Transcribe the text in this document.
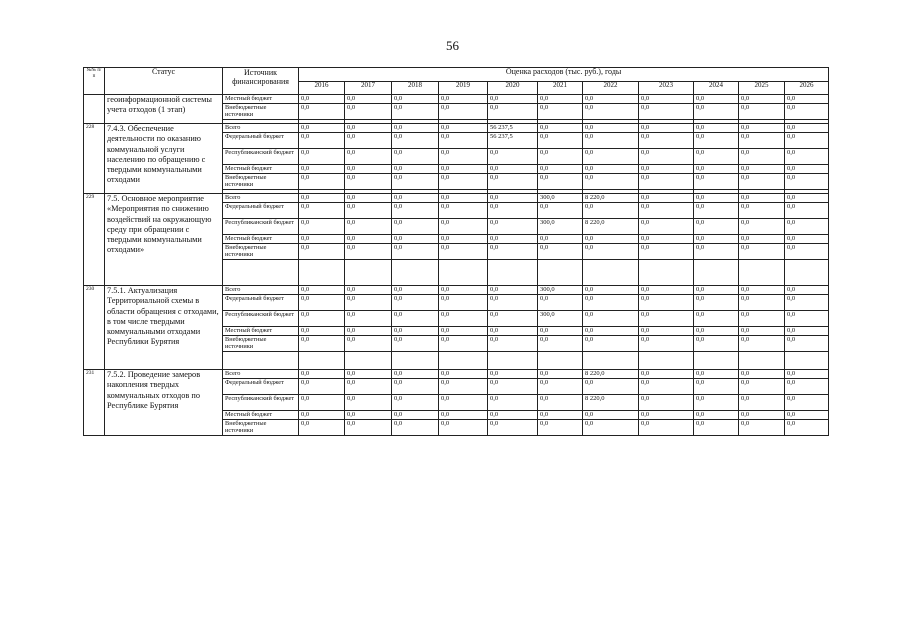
56
№№ п/п	Статус	Источник финансирования	Оценка расходов (тыс. руб.), годы										
			2016	2017	2018	2019	2020	2021	2022	2023	2024	2025	2026
	геоинформационной системы учета отходов (1 этап)	Местный бюджет	0,0	0,0	0,0	0,0	0,0	0,0	0,0	0,0	0,0	0,0	0,0
		Внебюджетные источники	0,0	0,0	0,0	0,0	0,0	0,0	0,0	0,0	0,0	0,0	0,0

228	7.4.3. Обеспечение деятельности по оказанию коммунальной услуги населению по обращению с твердыми коммунальными отходами	Всего	0,0	0,0	0,0	0,0	56 237,5	0,0	0,0	0,0	0,0	0,0	0,0
		Федеральный бюджет	0,0	0,0	0,0	0,0	56 237,5	0,0	0,0	0,0	0,0	0,0	0,0
		Республиканский бюджет	0,0	0,0	0,0	0,0	0,0	0,0	0,0	0,0	0,0	0,0	0,0
		Местный бюджет	0,0	0,0	0,0	0,0	0,0	0,0	0,0	0,0	0,0	0,0	0,0
		Внебюджетные источники	0,0	0,0	0,0	0,0	0,0	0,0	0,0	0,0	0,0	0,0	0,0

229	7.5. Основное мероприятие «Мероприятия по снижению воздействий на окружающую среду при обращении с твердыми коммунальными отходами»	Всего	0,0	0,0	0,0	0,0	0,0	300,0	8 220,0	0,0	0,0	0,0	0,0
		Федеральный бюджет	0,0	0,0	0,0	0,0	0,0	0,0	0,0	0,0	0,0	0,0	0,0
		Республиканский бюджет	0,0	0,0	0,0	0,0	0,0	300,0	8 220,0	0,0	0,0	0,0	0,0
		Местный бюджет	0,0	0,0	0,0	0,0	0,0	0,0	0,0	0,0	0,0	0,0	0,0
		Внебюджетные источники	0,0	0,0	0,0	0,0	0,0	0,0	0,0	0,0	0,0	0,0	0,0

230	7.5.1. Актуализация Территориальной схемы в области обращения с отходами, в том числе твердыми коммунальными отходами Республики Бурятия	Всего	0,0	0,0	0,0	0,0	0,0	300,0	0,0	0,0	0,0	0,0	0,0
		Федеральный бюджет	0,0	0,0	0,0	0,0	0,0	0,0	0,0	0,0	0,0	0,0	0,0
		Республиканский бюджет	0,0	0,0	0,0	0,0	0,0	300,0	0,0	0,0	0,0	0,0	0,0
		Местный бюджет	0,0	0,0	0,0	0,0	0,0	0,0	0,0	0,0	0,0	0,0	0,0
		Внебюджетные источники	0,0	0,0	0,0	0,0	0,0	0,0	0,0	0,0	0,0	0,0	0,0

231	7.5.2. Проведение замеров накопления твердых коммунальных отходов по Республике Бурятия	Всего	0,0	0,0	0,0	0,0	0,0	0,0	8 220,0	0,0	0,0	0,0	0,0
		Федеральный бюджет	0,0	0,0	0,0	0,0	0,0	0,0	0,0	0,0	0,0	0,0	0,0
		Республиканский бюджет	0,0	0,0	0,0	0,0	0,0	0,0	8 220,0	0,0	0,0	0,0	0,0
		Местный бюджет	0,0	0,0	0,0	0,0	0,0	0,0	0,0	0,0	0,0	0,0	0,0
		Внебюджетные источники	0,0	0,0	0,0	0,0	0,0	0,0	0,0	0,0	0,0	0,0	0,0
